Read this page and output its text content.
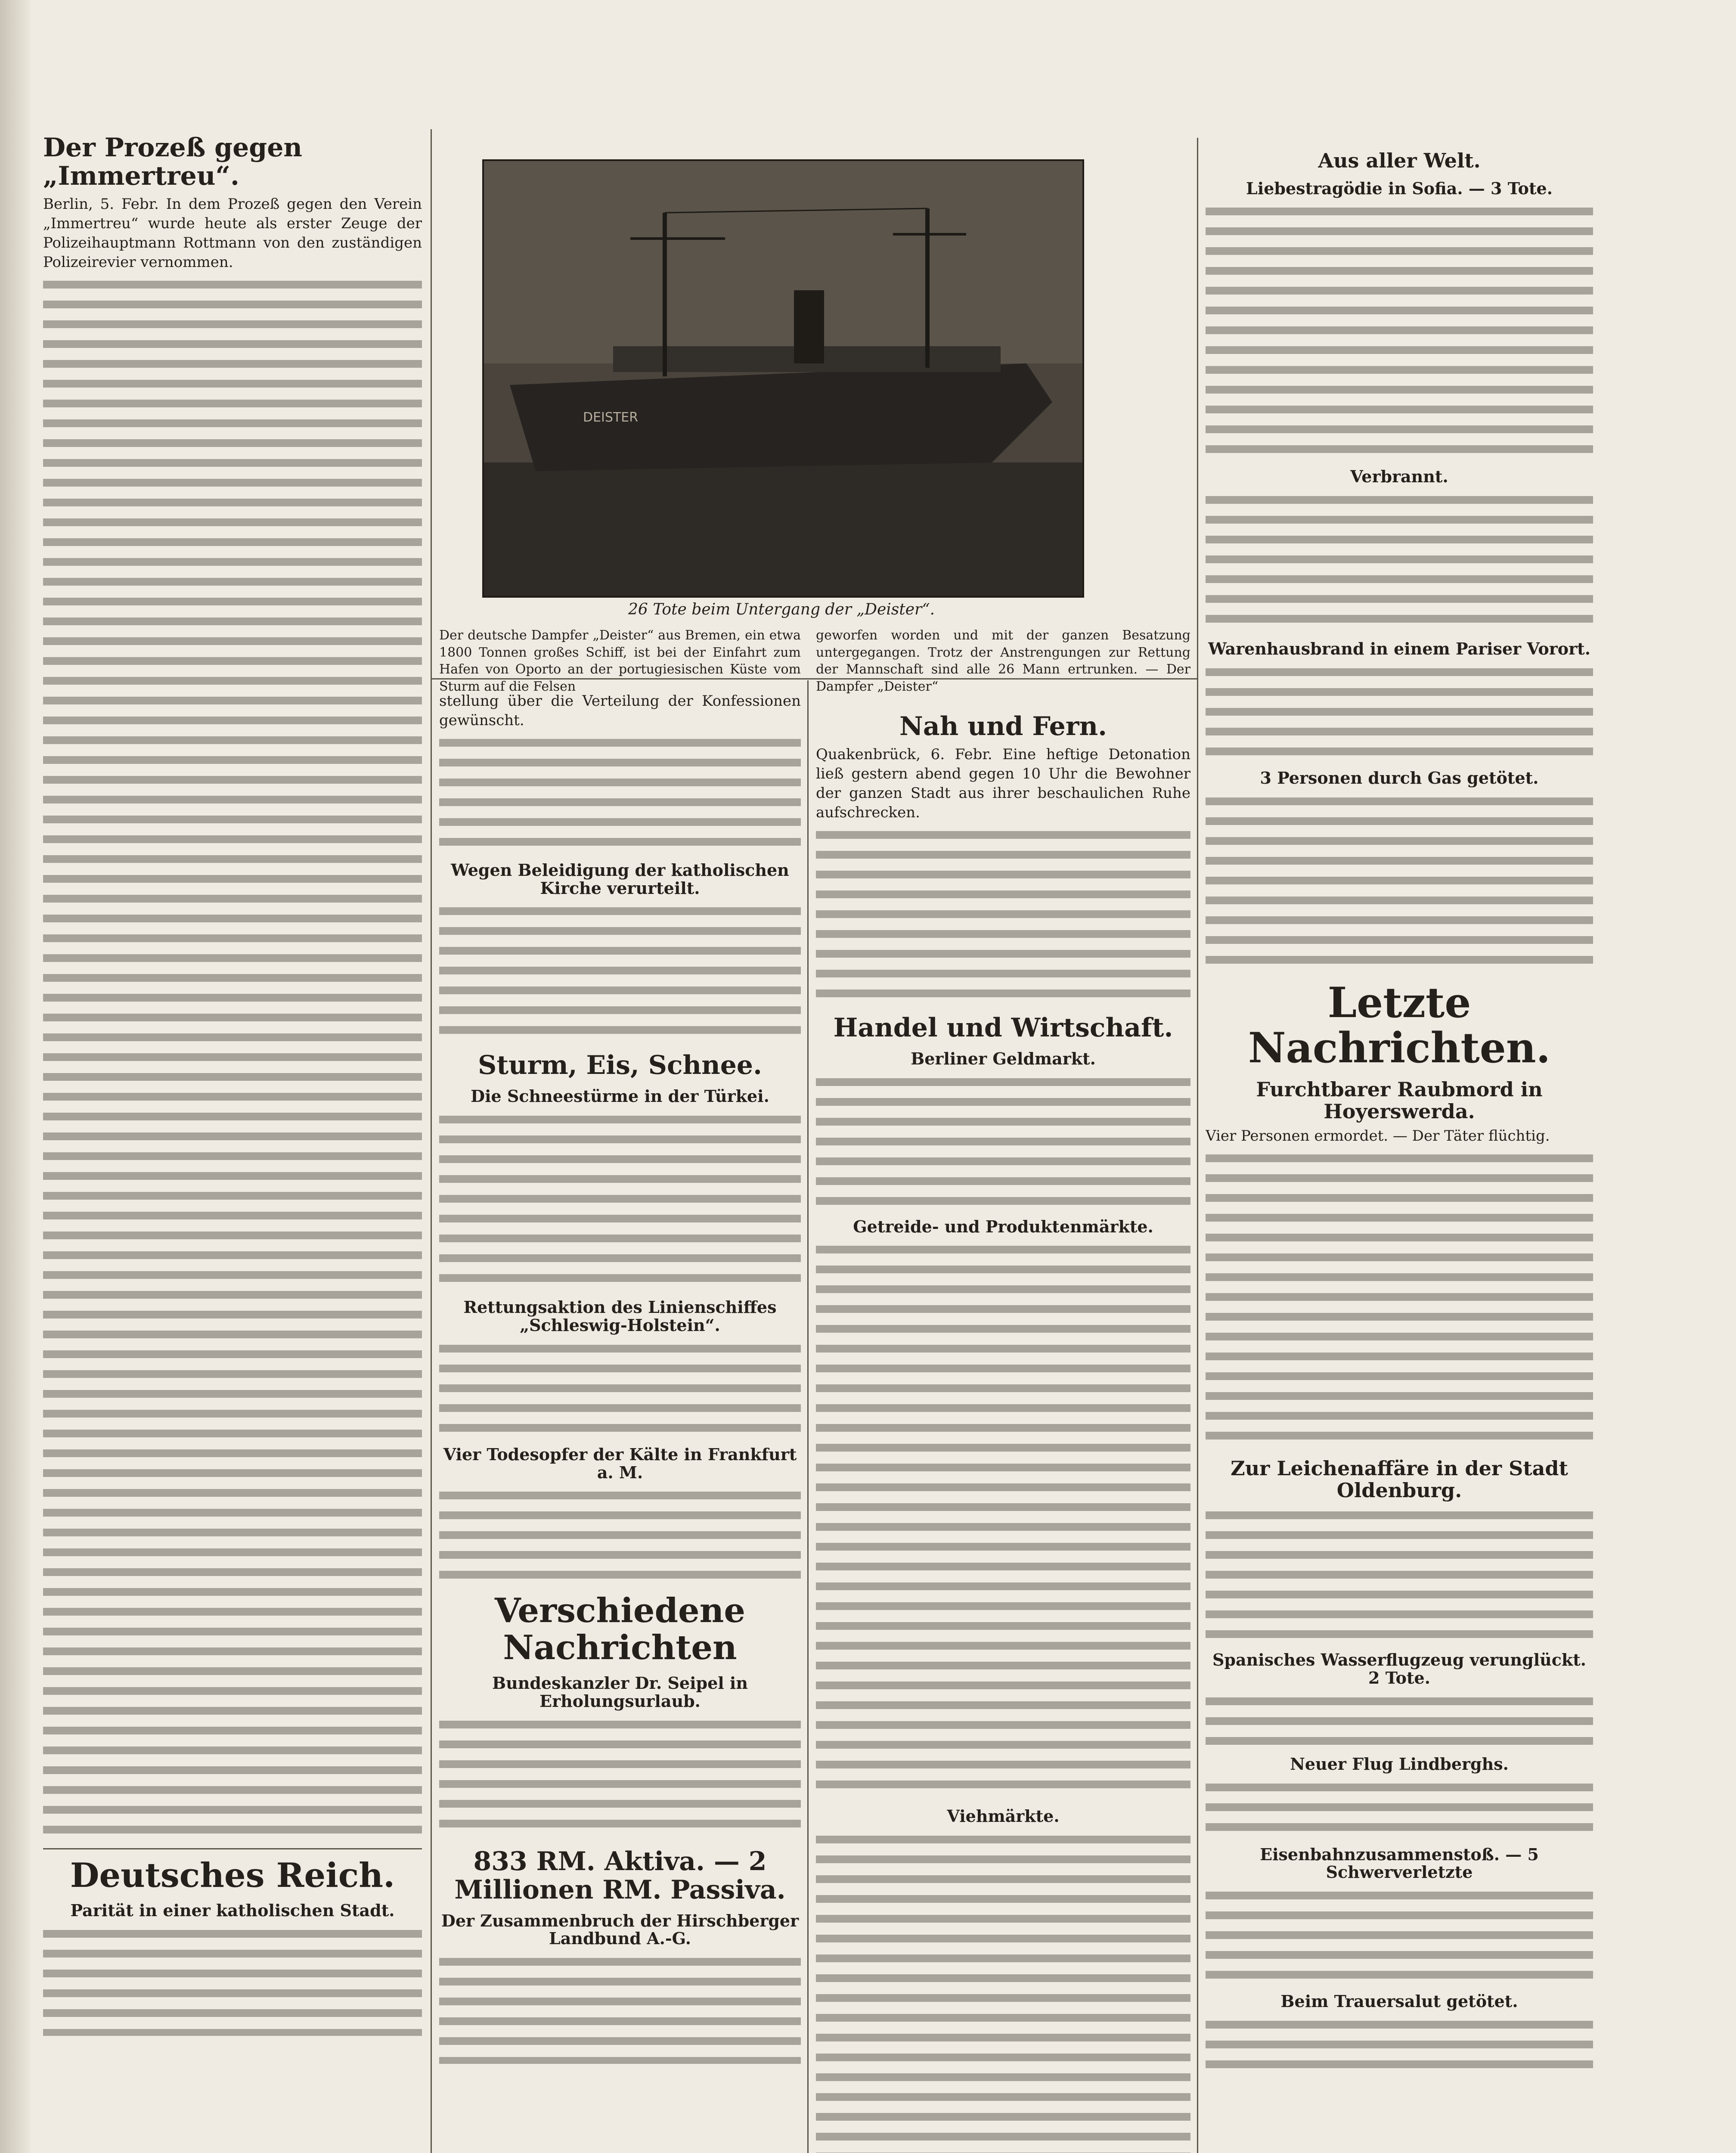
Der Prozeß gegen „Immertreu“.
Berlin, 5. Febr. In dem Prozeß gegen den Verein „Immertreu“ wurde heute als erster Zeuge der Polizeihauptmann Rottmann von den zuständigen Polizeirevier vernommen.
Deutsches Reich.
Parität in einer katholischen Stadt.
DEISTER
26 Tote beim Untergang der „Deister“.
Der deutsche Dampfer „Deister“ aus Bremen, ein etwa 1800 Tonnen großes Schiff, ist bei der Einfahrt zum Hafen von Oporto an der portugiesischen Küste vom Sturm auf die Felsen
stellung über die Verteilung der Konfessionen gewünscht.
Wegen Beleidigung der katholischen Kirche verurteilt.
Sturm, Eis, Schnee.
Die Schneestürme in der Türkei.
Rettungsaktion des Linienschiffes „Schleswig-Holstein“.
Vier Todesopfer der Kälte in Frankfurt a. M.
Verschiedene Nachrichten
Bundeskanzler Dr. Seipel in Erholungsurlaub.
833 RM. Aktiva. — 2 Millionen RM. Passiva.
Der Zusammenbruch der Hirschberger Landbund A.-G.
geworfen worden und mit der ganzen Besatzung untergegangen. Trotz der Anstrengungen zur Rettung der Mannschaft sind alle 26 Mann ertrunken. — Der Dampfer „Deister“
Nah und Fern.
Quakenbrück, 6. Febr. Eine heftige Detonation ließ gestern abend gegen 10 Uhr die Bewohner der ganzen Stadt aus ihrer beschaulichen Ruhe aufschrecken.
Handel und Wirtschaft.
Berliner Geldmarkt.
Getreide- und Produktenmärkte.
Viehmärkte.
Aus aller Welt.
Liebestragödie in Sofia. — 3 Tote.
Verbrannt.
Warenhausbrand in einem Pariser Vorort.
3 Personen durch Gas getötet.
Letzte Nachrichten.
Furchtbarer Raubmord in Hoyerswerda.
Vier Personen ermordet. — Der Täter flüchtig.
Zur Leichenaffäre in der Stadt Oldenburg.
Spanisches Wasserflugzeug verunglückt. 2 Tote.
Neuer Flug Lindberghs.
Eisenbahnzusammenstoß. — 5 Schwerverletzte
Beim Trauersalut getötet.
